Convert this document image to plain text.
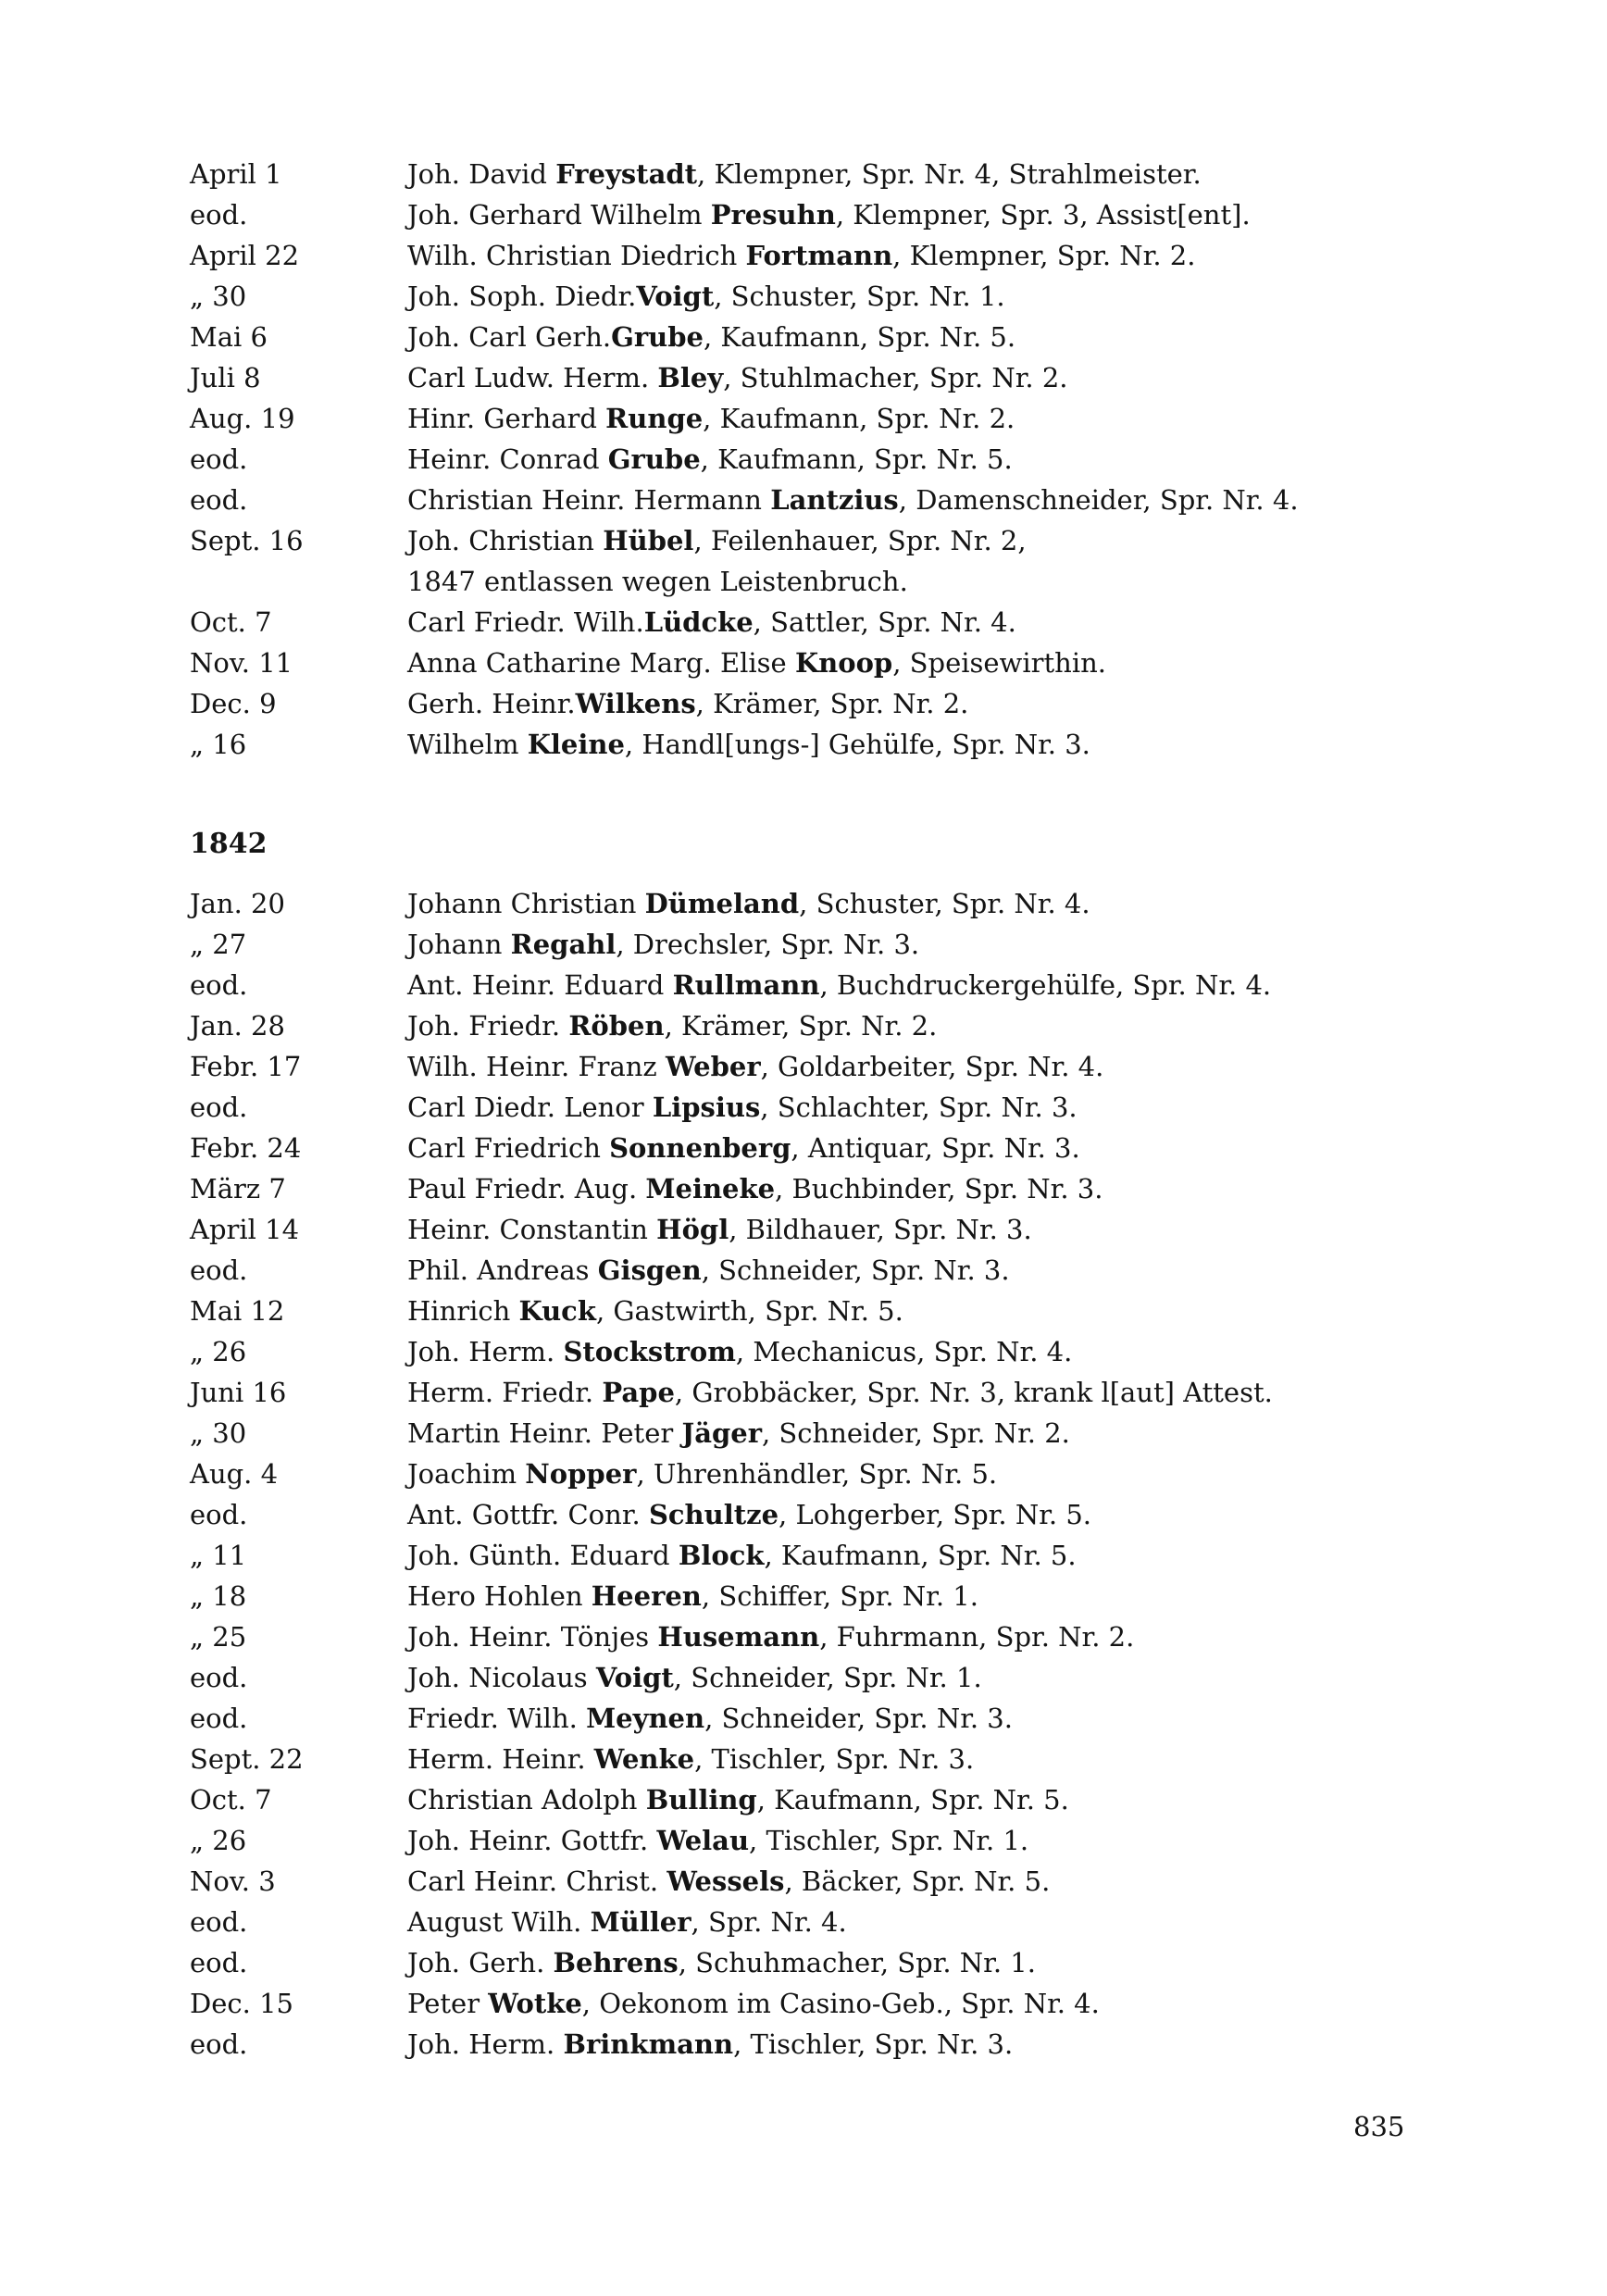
April 1	Joh. David Freystadt, Klempner, Spr. Nr. 4, Strahlmeister.
eod.	Joh. Gerhard Wilhelm Presuhn, Klempner, Spr. 3, Assist[ent].
April 22	Wilh. Christian Diedrich Fortmann, Klempner, Spr. Nr. 2.
„ 30	Joh. Soph. Diedr.Voigt, Schuster, Spr. Nr. 1.
Mai 6	Joh. Carl Gerh.Grube, Kaufmann, Spr. Nr. 5.
Juli 8	Carl Ludw. Herm. Bley, Stuhlmacher, Spr. Nr. 2.
Aug. 19	Hinr. Gerhard Runge, Kaufmann, Spr. Nr. 2.
eod.	Heinr. Conrad Grube, Kaufmann, Spr. Nr. 5.
eod.	Christian Heinr. Hermann Lantzius, Damenschneider, Spr. Nr. 4.
Sept. 16	Joh. Christian Hübel, Feilenhauer, Spr. Nr. 2,
1847 entlassen wegen Leistenbruch.
Oct. 7	Carl Friedr. Wilh.Lüdcke, Sattler, Spr. Nr. 4.
Nov. 11	Anna Catharine Marg. Elise Knoop, Speisewirthin.
Dec. 9	Gerh. Heinr.Wilkens, Krämer, Spr. Nr. 2.
„ 16	Wilhelm Kleine, Handl[ungs-] Gehülfe, Spr. Nr. 3.
1842
Jan. 20	Johann Christian Dümeland, Schuster, Spr. Nr. 4.
„ 27	Johann Regahl, Drechsler, Spr. Nr. 3.
eod.	Ant. Heinr. Eduard Rullmann, Buchdruckergehülfe, Spr. Nr. 4.
Jan. 28	Joh. Friedr. Röben, Krämer, Spr. Nr. 2.
Febr. 17	Wilh. Heinr. Franz Weber, Goldarbeiter, Spr. Nr. 4.
eod.	Carl Diedr. Lenor Lipsius, Schlachter, Spr. Nr. 3.
Febr. 24	Carl Friedrich Sonnenberg, Antiquar, Spr. Nr. 3.
März 7	Paul Friedr. Aug. Meineke, Buchbinder, Spr. Nr. 3.
April 14	Heinr. Constantin Högl, Bildhauer, Spr. Nr. 3.
eod.	Phil. Andreas Gisgen, Schneider, Spr. Nr. 3.
Mai 12	Hinrich Kuck, Gastwirth, Spr. Nr. 5.
„ 26	Joh. Herm. Stockstrom, Mechanicus, Spr. Nr. 4.
Juni 16	Herm. Friedr. Pape, Grobbäcker, Spr. Nr. 3, krank l[aut] Attest.
„ 30	Martin Heinr. Peter Jäger, Schneider, Spr. Nr. 2.
Aug. 4	Joachim Nopper, Uhrenhändler, Spr. Nr. 5.
eod.	Ant. Gottfr. Conr. Schultze, Lohgerber, Spr. Nr. 5.
„ 11	Joh. Günth. Eduard Block, Kaufmann, Spr. Nr. 5.
„ 18	Hero Hohlen Heeren, Schiffer, Spr. Nr. 1.
„ 25	Joh. Heinr. Tönjes Husemann, Fuhrmann, Spr. Nr. 2.
eod.	Joh. Nicolaus Voigt, Schneider, Spr. Nr. 1.
eod.	Friedr. Wilh. Meynen, Schneider, Spr. Nr. 3.
Sept. 22	Herm. Heinr. Wenke, Tischler, Spr. Nr. 3.
Oct. 7	Christian Adolph Bulling, Kaufmann, Spr. Nr. 5.
„ 26	Joh. Heinr. Gottfr. Welau, Tischler, Spr. Nr. 1.
Nov. 3	Carl Heinr. Christ. Wessels, Bäcker, Spr. Nr. 5.
eod.	August Wilh. Müller, Spr. Nr. 4.
eod.	Joh. Gerh. Behrens, Schuhmacher, Spr. Nr. 1.
Dec. 15	Peter Wotke, Oekonom im Casino-Geb., Spr. Nr. 4.
eod.	Joh. Herm. Brinkmann, Tischler, Spr. Nr. 3.
835
